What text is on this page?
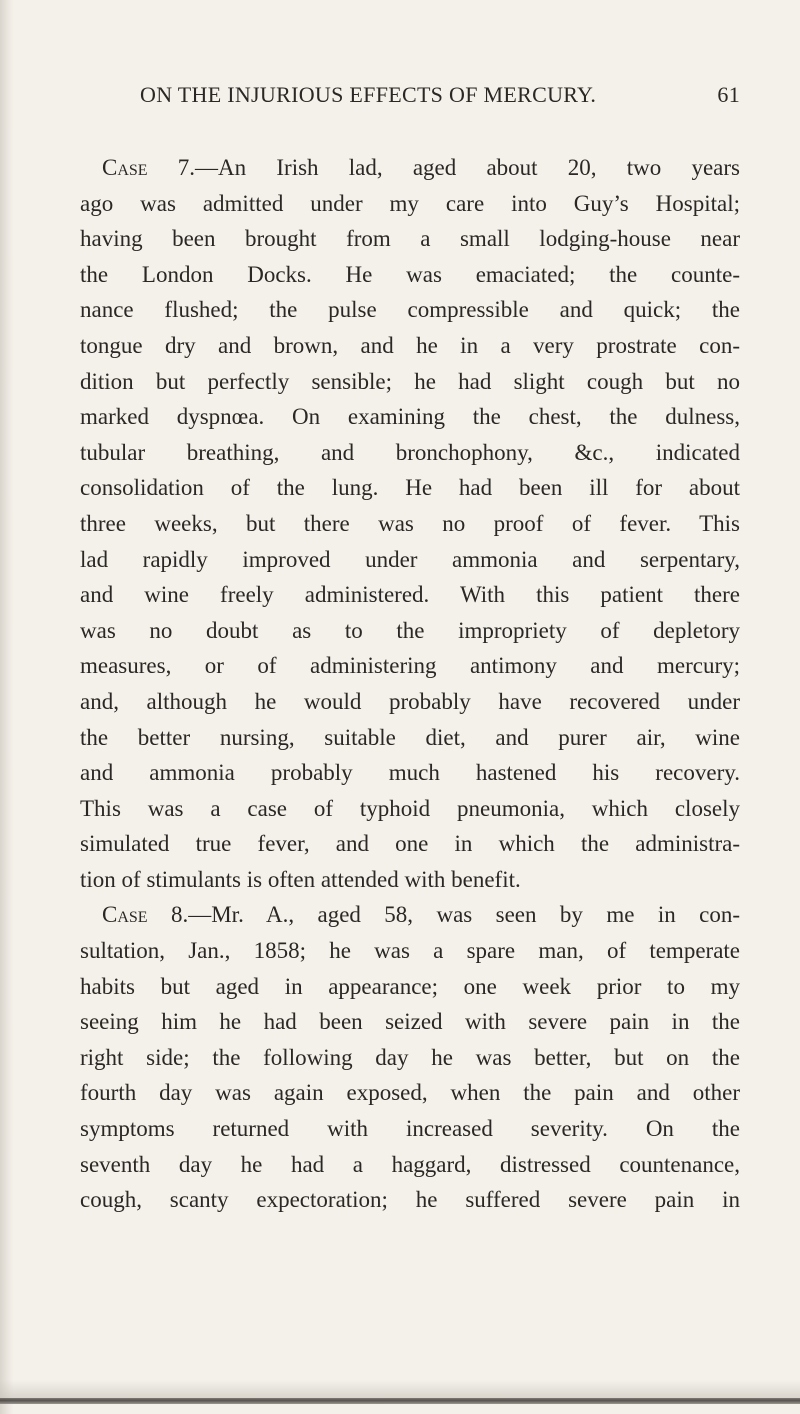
ON THE INJURIOUS EFFECTS OF MERCURY.	61
Case 7.—An Irish lad, aged about 20, two years
ago was admitted under my care into Guy’s Hospital;
having been brought from a small lodging-house near
the London Docks. He was emaciated; the counte-
nance flushed; the pulse compressible and quick; the
tongue dry and brown, and he in a very prostrate con-
dition but perfectly sensible; he had slight cough but no
marked dyspnœa. On examining the chest, the dulness,
tubular breathing, and bronchophony, &c., indicated
consolidation of the lung. He had been ill for about
three weeks, but there was no proof of fever. This
lad rapidly improved under ammonia and serpentary,
and wine freely administered. With this patient there
was no doubt as to the impropriety of depletory
measures, or of administering antimony and mercury;
and, although he would probably have recovered under
the better nursing, suitable diet, and purer air, wine
and ammonia probably much hastened his recovery.
This was a case of typhoid pneumonia, which closely
simulated true fever, and one in which the administra-
tion of stimulants is often attended with benefit.
Case 8.—Mr. A., aged 58, was seen by me in con-
sultation, Jan., 1858; he was a spare man, of temperate
habits but aged in appearance; one week prior to my
seeing him he had been seized with severe pain in the
right side; the following day he was better, but on the
fourth day was again exposed, when the pain and other
symptoms returned with increased severity. On the
seventh day he had a haggard, distressed countenance,
cough, scanty expectoration; he suffered severe pain in
